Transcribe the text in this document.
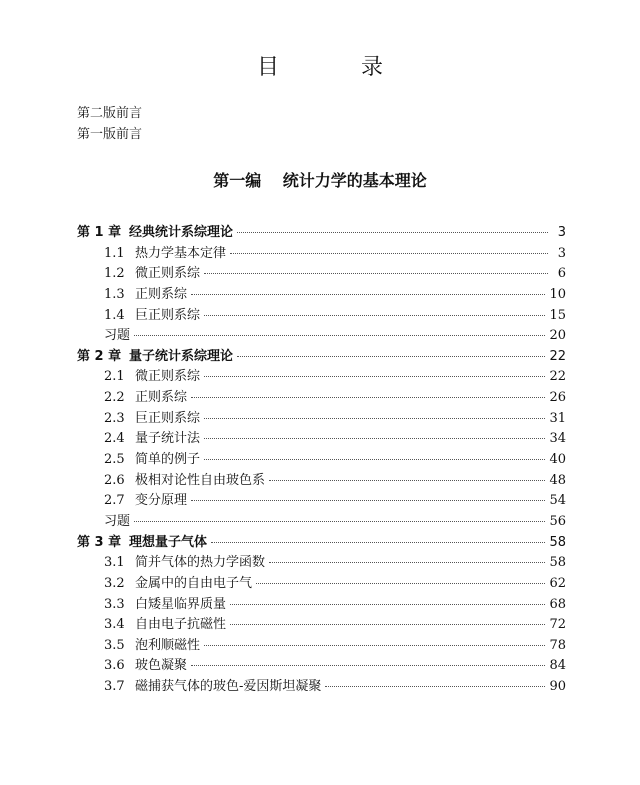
目　录
第二版前言
第一版前言
第一编 统计力学的基本理论
第 1 章 经典统计系综理论	3
1.1 热力学基本定律	3
1.2 微正则系综	6
1.3 正则系综	10
1.4 巨正则系综	15
习题	20
第 2 章 量子统计系综理论	22
2.1 微正则系综	22
2.2 正则系综	26
2.3 巨正则系综	31
2.4 量子统计法	34
2.5 简单的例子	40
2.6 极相对论性自由玻色系	48
2.7 变分原理	54
习题	56
第 3 章 理想量子气体	58
3.1 简并气体的热力学函数	58
3.2 金属中的自由电子气	62
3.3 白矮星临界质量	68
3.4 自由电子抗磁性	72
3.5 泡利顺磁性	78
3.6 玻色凝聚	84
3.7 磁捕获气体的玻色-爱因斯坦凝聚	90
